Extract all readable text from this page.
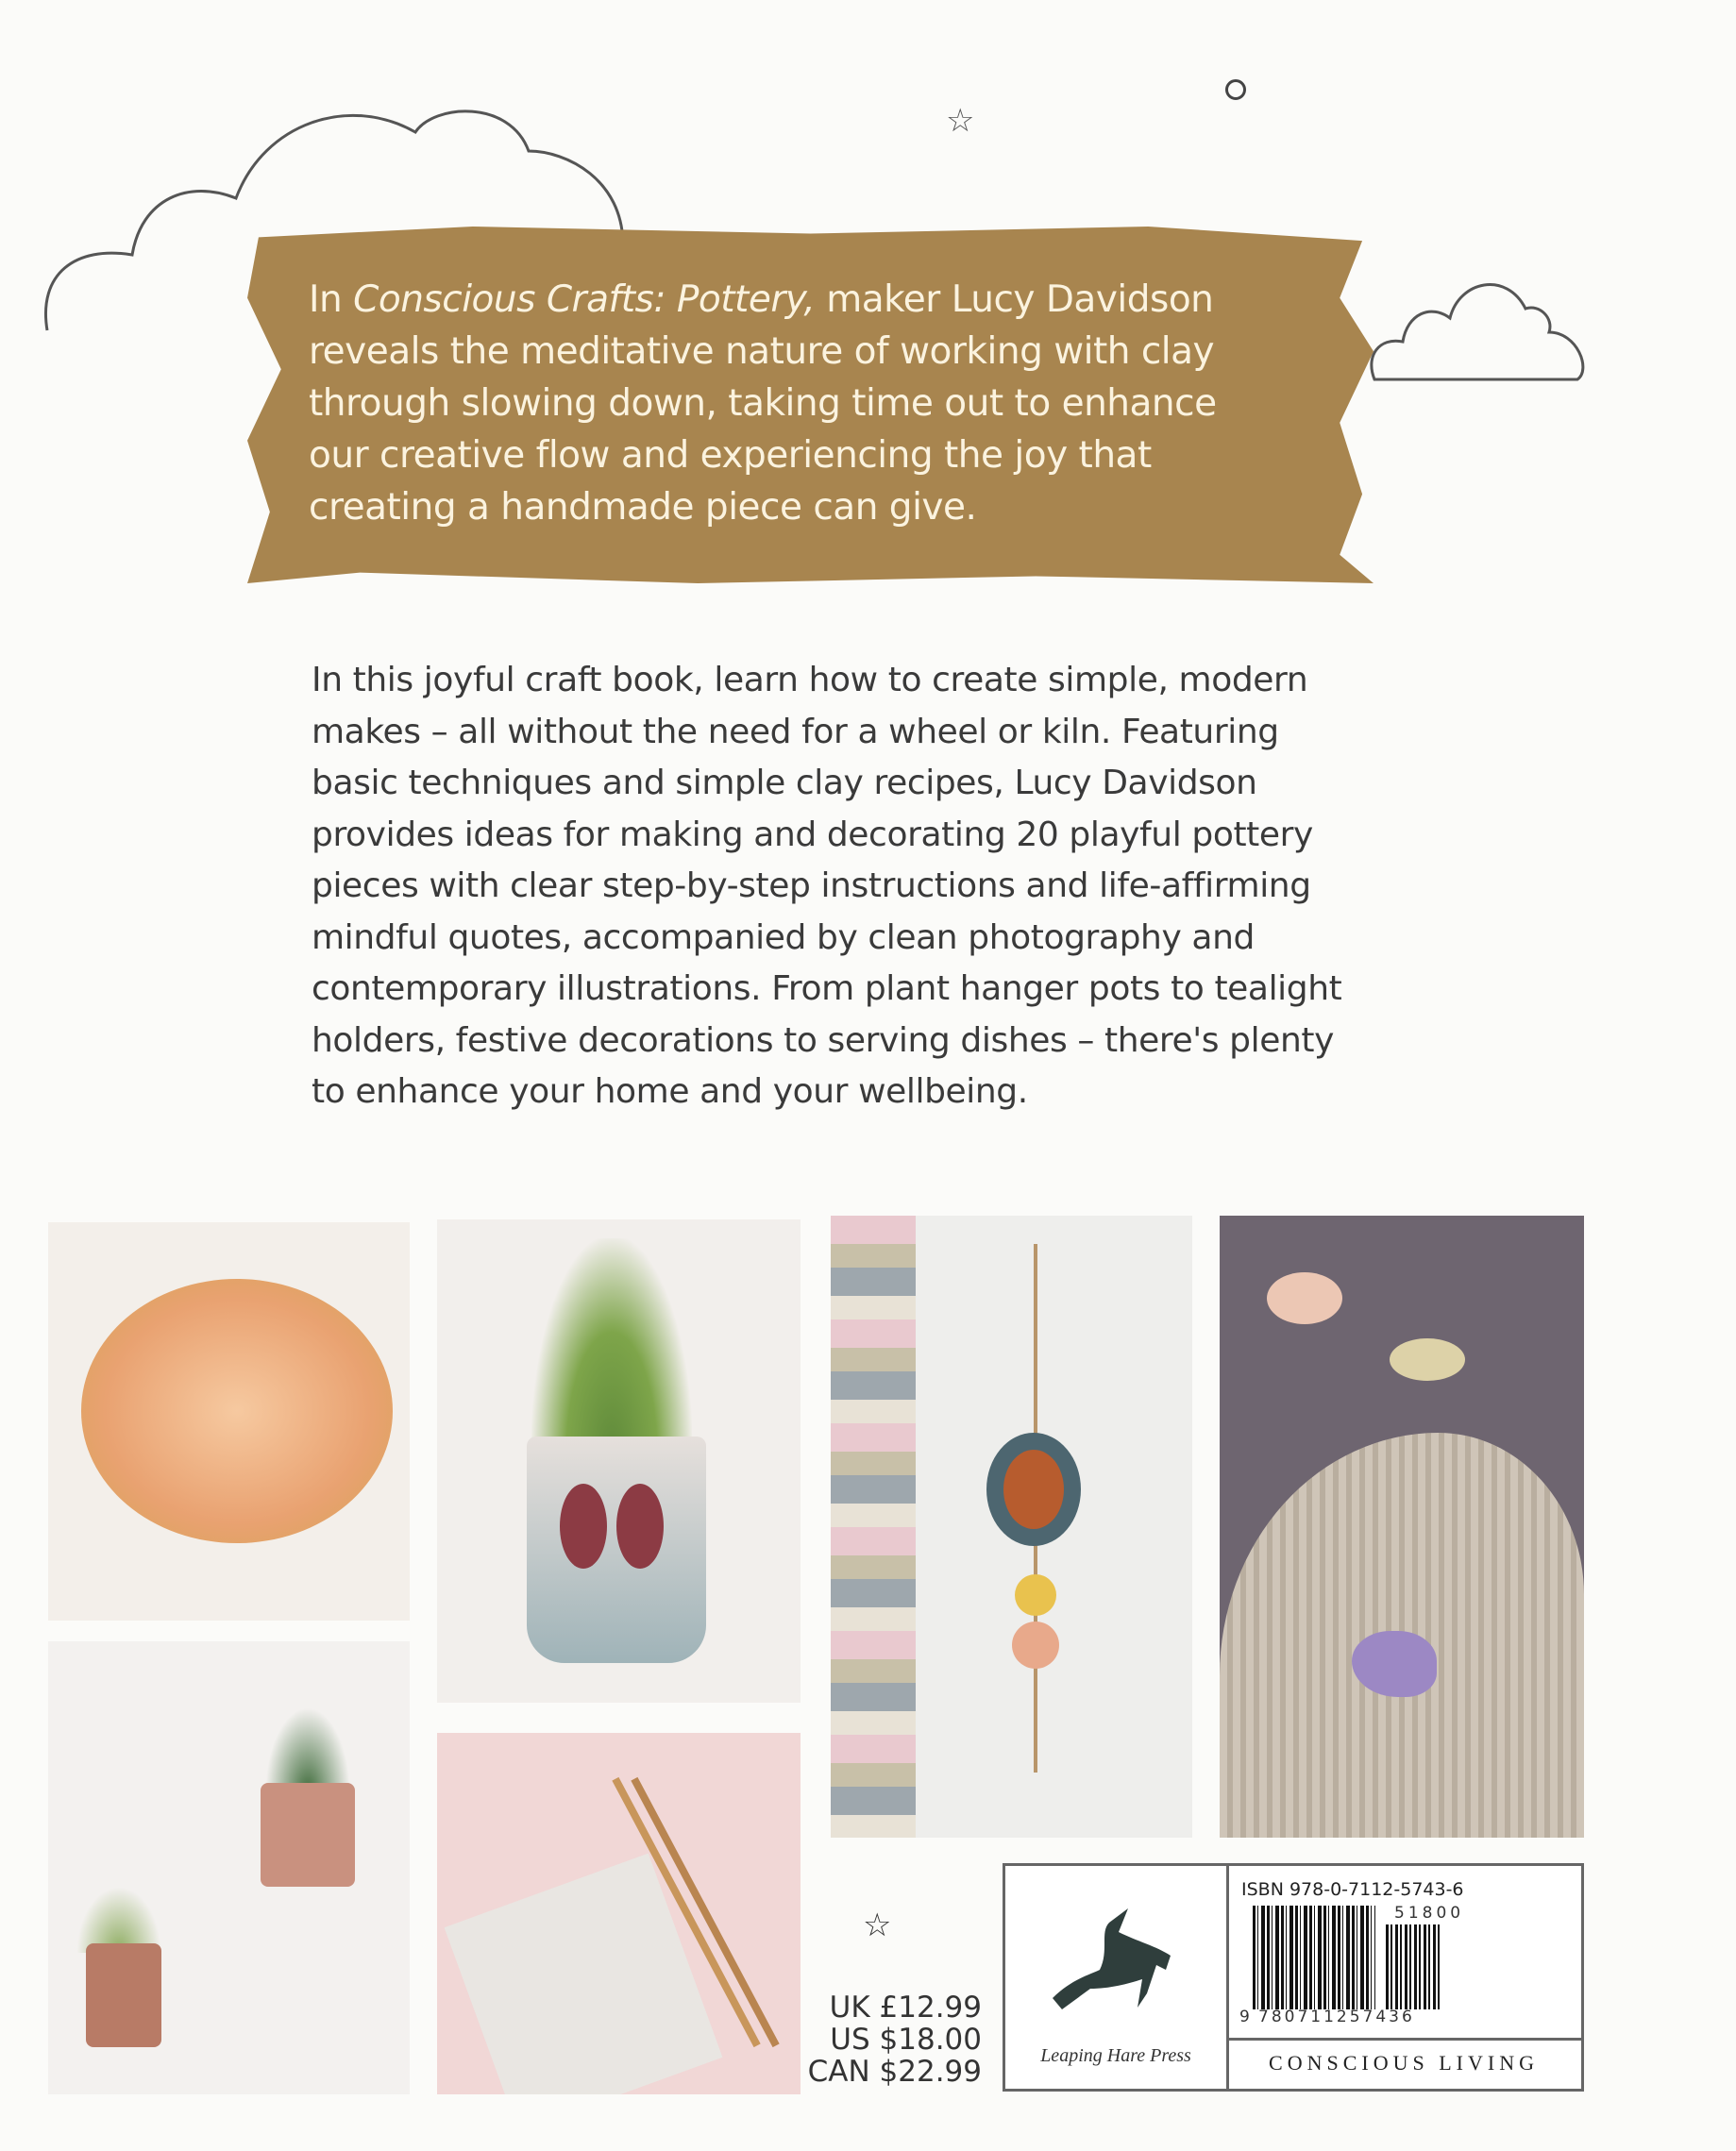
☆
In Conscious Crafts: Pottery, maker Lucy Davidson
reveals the meditative nature of working with clay
through slowing down, taking time out to enhance
our creative flow and experiencing the joy that
creating a handmade piece can give.
In this joyful craft book, learn how to create simple, modern
makes – all without the need for a wheel or kiln. Featuring
basic techniques and simple clay recipes, Lucy Davidson
provides ideas for making and decorating 20 playful pottery
pieces with clear step-by-step instructions and life-affirming
mindful quotes, accompanied by clean photography and
contemporary illustrations. From plant hanger pots to tealight
holders, festive decorations to serving dishes – there's plenty
to enhance your home and your wellbeing.
☆
UK £12.99
US $18.00
CAN $22.99	Leaping Hare Press
ISBN 978-0-7112-5743-6
9 780711257436
51800
CONSCIOUS LIVING
